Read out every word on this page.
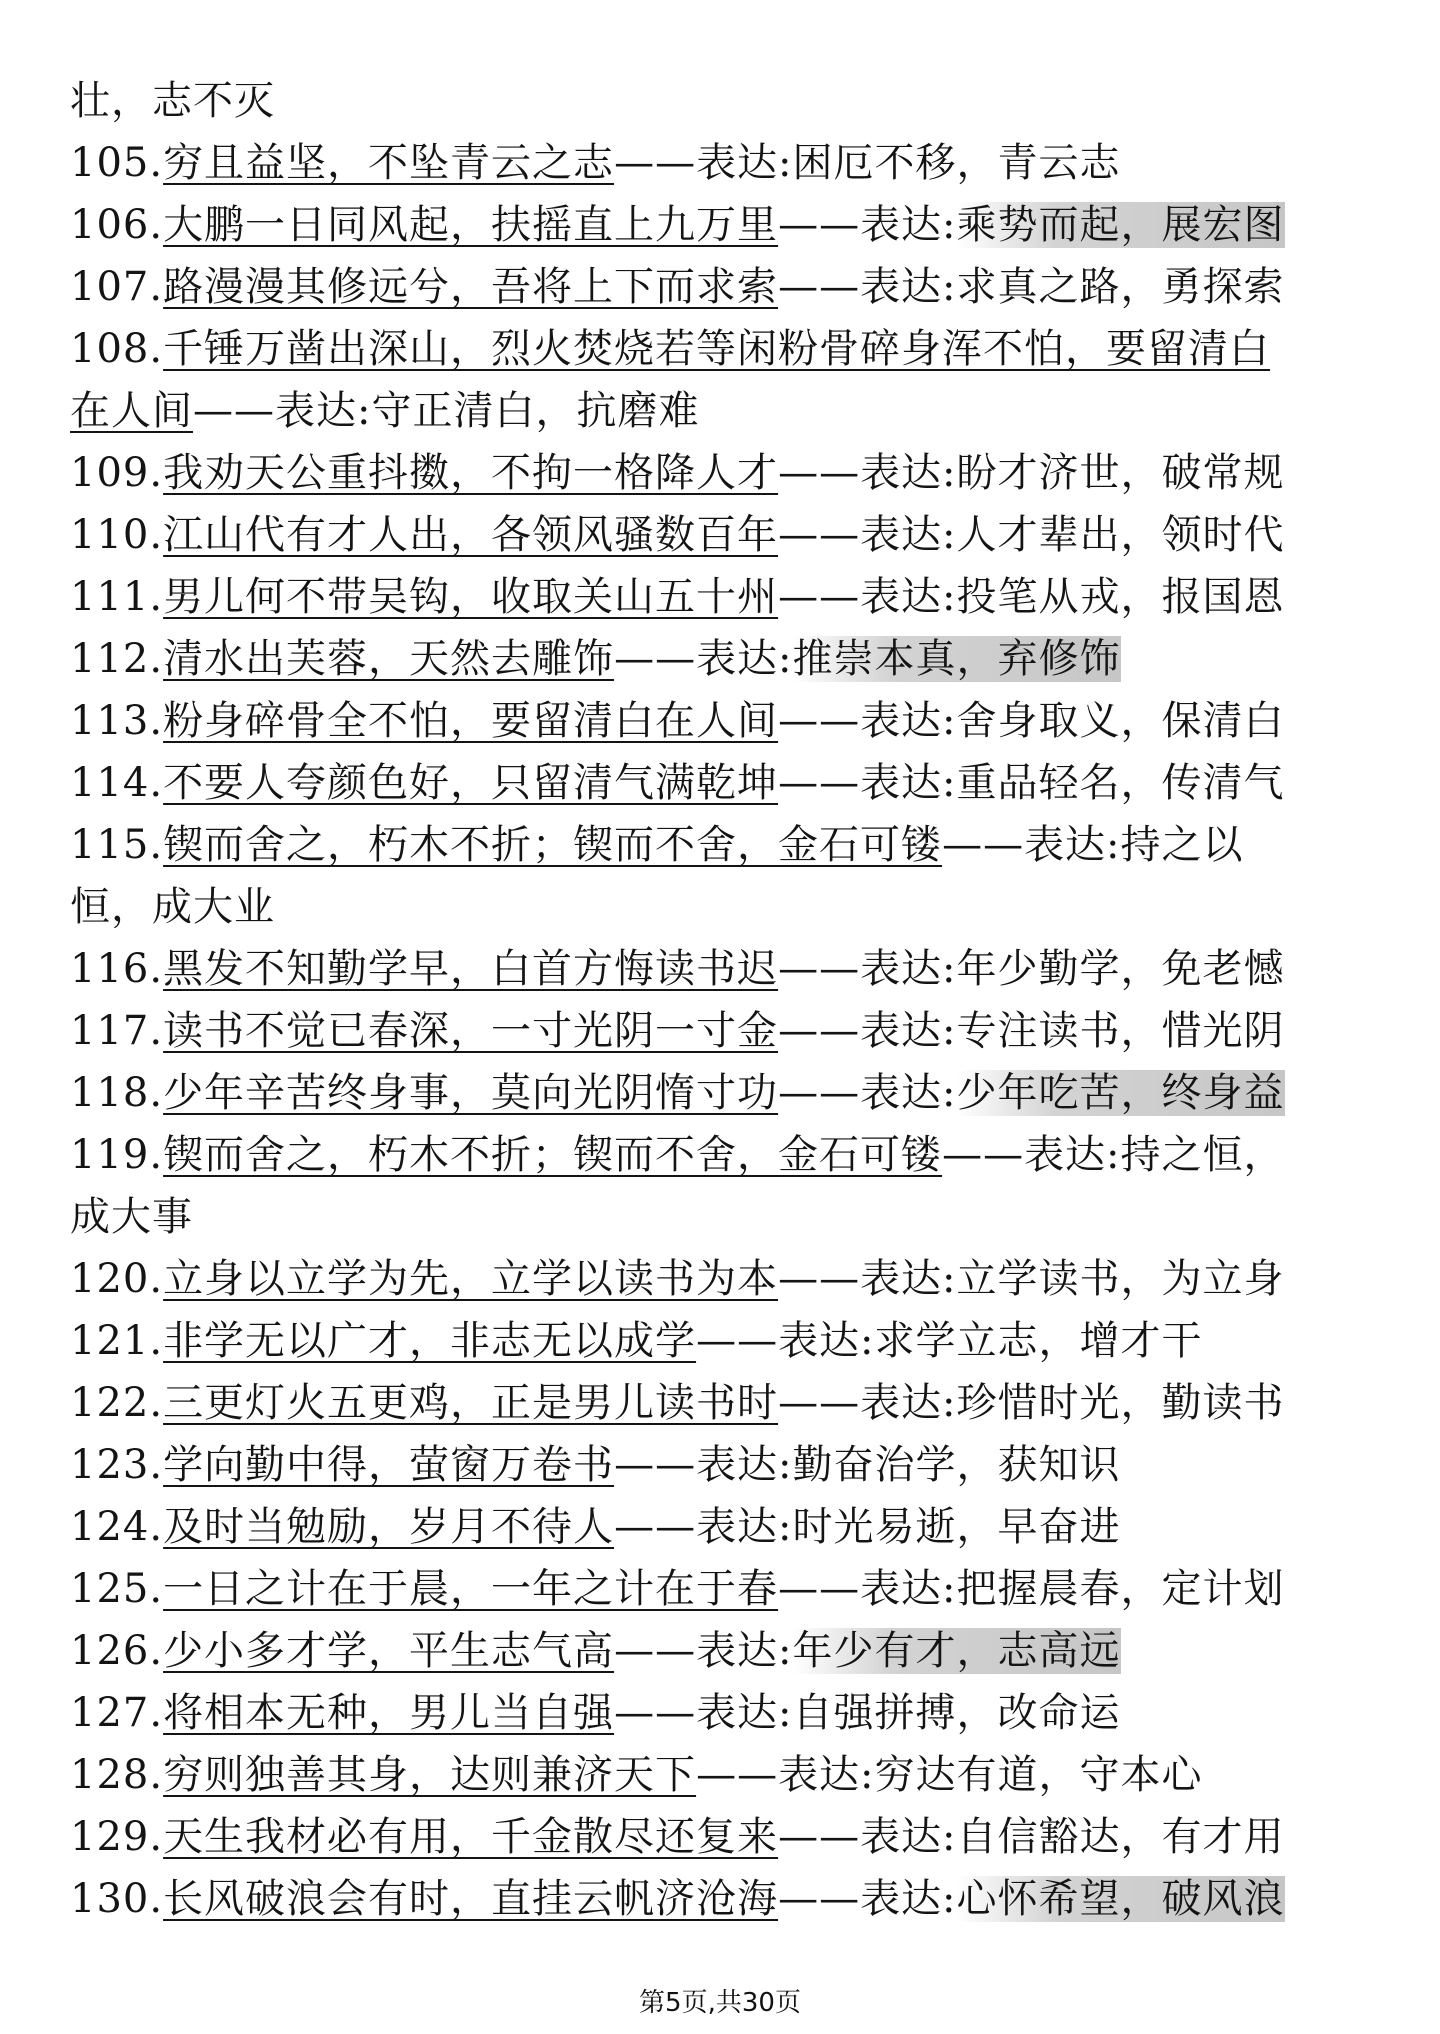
壮，志不灭
105.穷且益坚，不坠青云之志——表达:困厄不移，青云志
106.大鹏一日同风起，扶摇直上九万里——表达:乘势而起，展宏图
107.路漫漫其修远兮，吾将上下而求索——表达:求真之路，勇探索
108.千锤万凿出深山，烈火焚烧若等闲粉骨碎身浑不怕，要留清白
在人间——表达:守正清白，抗磨难
109.我劝天公重抖擞，不拘一格降人才——表达:盼才济世，破常规
110.江山代有才人出，各领风骚数百年——表达:人才辈出，领时代
111.男儿何不带吴钩，收取关山五十州——表达:投笔从戎，报国恩
112.清水出芙蓉，天然去雕饰——表达:推崇本真，弃修饰
113.粉身碎骨全不怕，要留清白在人间——表达:舍身取义，保清白
114.不要人夸颜色好，只留清气满乾坤——表达:重品轻名，传清气
115.锲而舍之，朽木不折；锲而不舍，金石可镂——表达:持之以
恒，成大业
116.黑发不知勤学早，白首方悔读书迟——表达:年少勤学，免老憾
117.读书不觉已春深，一寸光阴一寸金——表达:专注读书，惜光阴
118.少年辛苦终身事，莫向光阴惰寸功——表达:少年吃苦，终身益
119.锲而舍之，朽木不折；锲而不舍，金石可镂——表达:持之恒，
成大事
120.立身以立学为先，立学以读书为本——表达:立学读书，为立身
121.非学无以广才，非志无以成学——表达:求学立志，增才干
122.三更灯火五更鸡，正是男儿读书时——表达:珍惜时光，勤读书
123.学向勤中得，萤窗万卷书——表达:勤奋治学，获知识
124.及时当勉励，岁月不待人——表达:时光易逝，早奋进
125.一日之计在于晨，一年之计在于春——表达:把握晨春，定计划
126.少小多才学，平生志气高——表达:年少有才，志高远
127.将相本无种，男儿当自强——表达:自强拼搏，改命运
128.穷则独善其身，达则兼济天下——表达:穷达有道，守本心
129.天生我材必有用，千金散尽还复来——表达:自信豁达，有才用
130.长风破浪会有时，直挂云帆济沧海——表达:心怀希望，破风浪
第5页,共30页
